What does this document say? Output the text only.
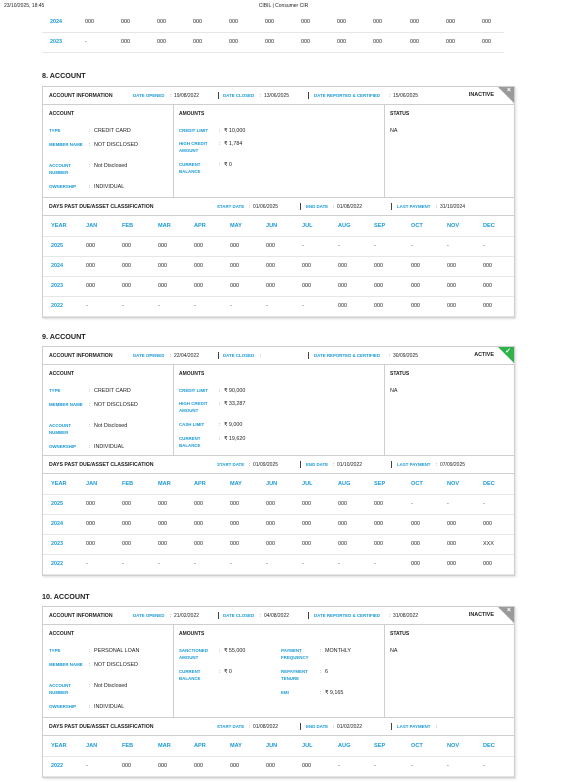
23/10/2025, 18:45	CIBIL | Consumer CIR
2024	000	000	000	000	000	000	000	000	000	000	000	000
2023	-	000	000	000	000	000	000	000	000	000	000	000
8. ACCOUNT
ACCOUNT INFORMATION	DATE OPENED : 19/08/2022	DATE CLOSED : 13/06/2025	DATE REPORTED & CERTIFIED : 15/06/2025	INACTIVE
×
ACCOUNT
TYPE	: CREDIT CARD
MEMBER NAME	: NOT DISCLOSED
ACCOUNT NUMBER
: Not Disclosed
OWNERSHIP	: INDIVIDUAL
AMOUNTS
CREDIT LIMIT	: ₹ 10,000
HIGH CREDIT AMOUNT
: ₹ 1,784
CURRENT BALANCE
: ₹ 0
STATUS
NA
DAYS PAST DUE/ASSET CLASSIFICATION	START DATE : 01/06/2025	END DATE : 01/08/2022	LAST PAYMENT : 31/10/2024
YEAR	JAN	FEB	MAR	APR	MAY	JUN	JUL	AUG	SEP	OCT	NOV	DEC
2025	000	000	000	000	000	000	-	-	-	-	-	-
2024	000	000	000	000	000	000	000	000	000	000	000	000
2023	000	000	000	000	000	000	000	000	000	000	000	000
2022	-	-	-	-	-	-	-	000	000	000	000	000
9. ACCOUNT
ACCOUNT INFORMATION	DATE OPENED : 22/04/2022	DATE CLOSED :	DATE REPORTED & CERTIFIED : 30/09/2025	ACTIVE ✓
ACCOUNT
TYPE	: CREDIT CARD
MEMBER NAME	: NOT DISCLOSED
ACCOUNT NUMBER
: Not Disclosed
OWNERSHIP	: INDIVIDUAL
AMOUNTS
CREDIT LIMIT	: ₹ 90,000
HIGH CREDIT AMOUNT
: ₹ 33,287
CASH LIMIT	: ₹ 9,000
CURRENT BALANCE
: ₹ 19,620
STATUS
NA
DAYS PAST DUE/ASSET CLASSIFICATION	START DATE : 01/09/2025	END DATE : 01/10/2022	LAST PAYMENT : 07/09/2025
YEAR	JAN	FEB	MAR	APR	MAY	JUN	JUL	AUG	SEP	OCT	NOV	DEC
2025	000	000	000	000	000	000	000	000	000	-	-	-
2024	000	000	000	000	000	000	000	000	000	000	000	000
2023	000	000	000	000	000	000	000	000	000	000	000	XXX
2022	-	-	-	-	-	-	-	-	-	000	000	000
10. ACCOUNT
ACCOUNT INFORMATION	DATE OPENED : 21/02/2022	DATE CLOSED : 04/08/2022	DATE REPORTED & CERTIFIED : 31/08/2022	INACTIVE
×
ACCOUNT
TYPE	: PERSONAL LOAN
MEMBER NAME	: NOT DISCLOSED
ACCOUNT NUMBER
: Not Disclosed
OWNERSHIP	: INDIVIDUAL
AMOUNTS
SANCTIONED AMOUNT
: ₹ 55,000
CURRENT BALANCE
: ₹ 0
PAYMENT FREQUENCY
: MONTHLY
REPAYMENT TENURE
: 6
EMI	: ₹ 9,165
STATUS
NA
DAYS PAST DUE/ASSET CLASSIFICATION	START DATE : 01/08/2022	END DATE : 01/02/2022	LAST PAYMENT :
YEAR	JAN	FEB	MAR	APR	MAY	JUN	JUL	AUG	SEP	OCT	NOV	DEC
2022	-	000	000	000	000	000	000	-	-	-	-	-
